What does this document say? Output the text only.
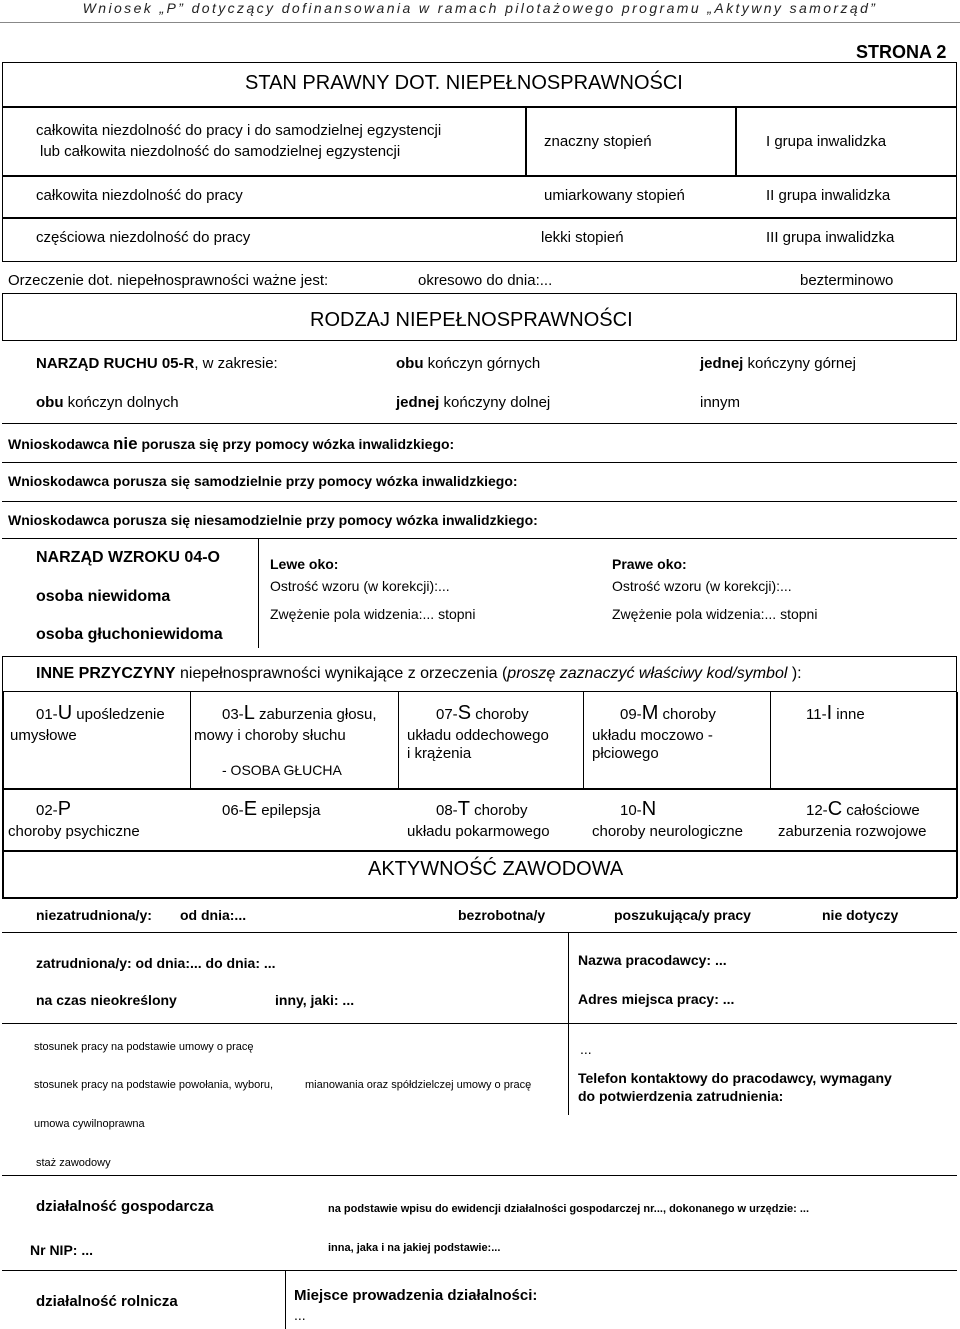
Wniosek „P” dotyczący dofinansowania w ramach pilotażowego programu „Aktywny samorząd”
STRONA 2
STAN PRAWNY DOT. NIEPEŁNOSPRAWNOŚCI
całkowita niezdolność do pracy i do samodzielnej egzystencji
lub całkowita niezdolność do samodzielnej egzystencji
znaczny stopień	I grupa inwalidzka
całkowita niezdolność do pracy	umiarkowany stopień	II grupa inwalidzka
częściowa niezdolność do pracy	lekki stopień	III grupa inwalidzka
Orzeczenie dot. niepełnosprawności ważne jest:	okresowo do dnia:...	bezterminowo
RODZAJ NIEPEŁNOSPRAWNOŚCI
NARZĄD RUCHU 05-R, w zakresie:	obu kończyn górnych	jednej kończyny górnej
obu kończyn dolnych	jednej kończyny dolnej	innym
Wnioskodawca nie porusza się przy pomocy wózka inwalidzkiego:
Wnioskodawca porusza się samodzielnie przy pomocy wózka inwalidzkiego:
Wnioskodawca porusza się niesamodzielnie przy pomocy wózka inwalidzkiego:
NARZĄD WZROKU 04-O
osoba niewidoma
osoba głuchoniewidoma
Lewe oko:
Ostrość wzoru (w korekcji):...
Zwężenie pola widzenia:... stopni
Prawe oko:
Ostrość wzoru (w korekcji):...
Zwężenie pola widzenia:... stopni
INNE PRZYCZYNY niepełnosprawności wynikające z orzeczenia (proszę zaznaczyć właściwy kod/symbol ):
01-U upośledzenie
umysłowe
03-L zaburzenia głosu,
mowy i choroby słuchu
- OSOBA GŁUCHA
07-S choroby
układu oddechowego
i krążenia
09-M choroby
układu moczowo -
płciowego
11-I inne
02-P
choroby psychiczne
06-E epilepsja	08-T choroby
układu pokarmowego
10-N
choroby neurologiczne
12-C całościowe
zaburzenia rozwojowe
AKTYWNOŚĆ ZAWODOWA
niezatrudniona/y: od dnia:...	bezrobotna/y	poszukująca/y pracy	nie dotyczy
zatrudniona/y: od dnia:... do dnia: ...
na czas nieokreślony	inny, jaki: ...
Nazwa pracodawcy: ...
Adres miejsca pracy: ...
stosunek pracy na podstawie umowy o pracę
stosunek pracy na podstawie powołania, wyboru,	mianowania oraz spółdzielczej umowy o pracę
umowa cywilnoprawna
staż zawodowy
...
Telefon kontaktowy do pracodawcy, wymagany
do potwierdzenia zatrudnienia:
działalność gospodarcza
Nr NIP: ...
na podstawie wpisu do ewidencji działalności gospodarczej nr..., dokonanego w urzędzie: ...
inna, jaka i na jakiej podstawie:...
działalność rolnicza	Miejsce prowadzenia działalności:
...
